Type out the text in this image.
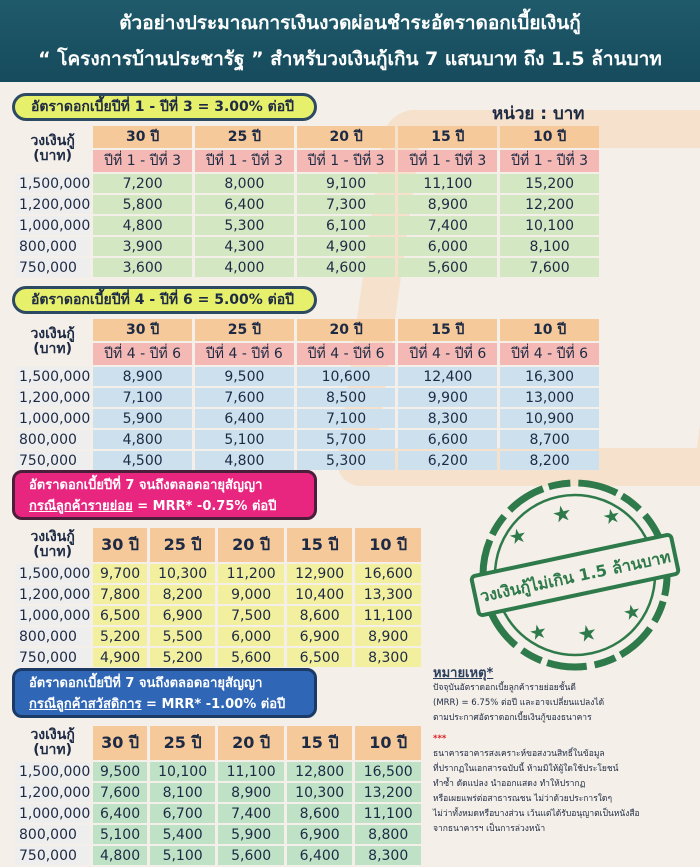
ตัวอย่างประมาณการเงินงวดผ่อนชำระอัตราดอกเบี้ยเงินกู้
“ โครงการบ้านประชารัฐ ” สำหรับวงเงินกู้เกิน 7 แสนบาท ถึง 1.5 ล้านบาท
หน่วย : บาท
อัตราดอกเบี้ยปีที่ 1 - ปีที่ 3 = 3.00% ต่อปี
วงเงินกู้
(บาท)	30 ปี	25 ปี	20 ปี	15 ปี	10 ปี
	ปีที่ 1 - ปีที่ 3	ปีที่ 1 - ปีที่ 3	ปีที่ 1 - ปีที่ 3	ปีที่ 1 - ปีที่ 3	ปีที่ 1 - ปีที่ 3
1,500,000	7,200	8,000	9,100	11,100	15,200
1,200,000	5,800	6,400	7,300	8,900	12,200
1,000,000	4,800	5,300	6,100	7,400	10,100
800,000	3,900	4,300	4,900	6,000	8,100
750,000	3,600	4,000	4,600	5,600	7,600
อัตราดอกเบี้ยปีที่ 4 - ปีที่ 6 = 5.00% ต่อปี
วงเงินกู้
(บาท)	30 ปี	25 ปี	20 ปี	15 ปี	10 ปี
	ปีที่ 4 - ปีที่ 6	ปีที่ 4 - ปีที่ 6	ปีที่ 4 - ปีที่ 6	ปีที่ 4 - ปีที่ 6	ปีที่ 4 - ปีที่ 6
1,500,000	8,900	9,500	10,600	12,400	16,300
1,200,000	7,100	7,600	8,500	9,900	13,000
1,000,000	5,900	6,400	7,100	8,300	10,900
800,000	4,800	5,100	5,700	6,600	8,700
750,000	4,500	4,800	5,300	6,200	8,200
อัตราดอกเบี้ยปีที่ 7 จนถึงตลอดอายุสัญญา
กรณีลูกค้ารายย่อย = MRR* -0.75% ต่อปี
วงเงินกู้
(บาท)	30 ปี	25 ปี	20 ปี	15 ปี	10 ปี
1,500,000	9,700	10,300	11,200	12,900	16,600
1,200,000	7,800	8,200	9,000	10,400	13,300
1,000,000	6,500	6,900	7,500	8,600	11,100
800,000	5,200	5,500	6,000	6,900	8,900
750,000	4,900	5,200	5,600	6,500	8,300
วงเงินกู้ไม่เกิน 1.5 ล้านบาท
★
★
★
★
★
★
อัตราดอกเบี้ยปีที่ 7 จนถึงตลอดอายุสัญญา
กรณีลูกค้าสวัสดิการ = MRR* -1.00% ต่อปี
วงเงินกู้
(บาท)	30 ปี	25 ปี	20 ปี	15 ปี	10 ปี
1,500,000	9,500	10,100	11,100	12,800	16,500
1,200,000	7,600	8,100	8,900	10,300	13,200
1,000,000	6,400	6,700	7,400	8,600	11,100
800,000	5,100	5,400	5,900	6,900	8,800
750,000	4,800	5,100	5,600	6,400	8,300
หมายเหตุ*
ปัจจุบันอัตราดอกเบี้ยลูกค้ารายย่อยชั้นดี
(MRR) = 6.75% ต่อปี และอาจเปลี่ยนแปลงได้
ตามประกาศอัตราดอกเบี้ยเงินกู้ของธนาคาร
***
ธนาคารอาคารสงเคราะห์ขอสงวนสิทธิ์ในข้อมูล
ที่ปรากฏในเอกสารฉบับนี้ ห้ามมิให้ผู้ใดใช้ประโยชน์
ทำซ้ำ ดัดแปลง นำออกแสดง ทำให้ปรากฏ
หรือเผยแพร่ต่อสาธารณชน ไม่ว่าด้วยประการใดๆ
ไม่ว่าทั้งหมดหรือบางส่วน เว้นแต่ได้รับอนุญาตเป็นหนังสือ
จากธนาคารฯ เป็นการล่วงหน้า
